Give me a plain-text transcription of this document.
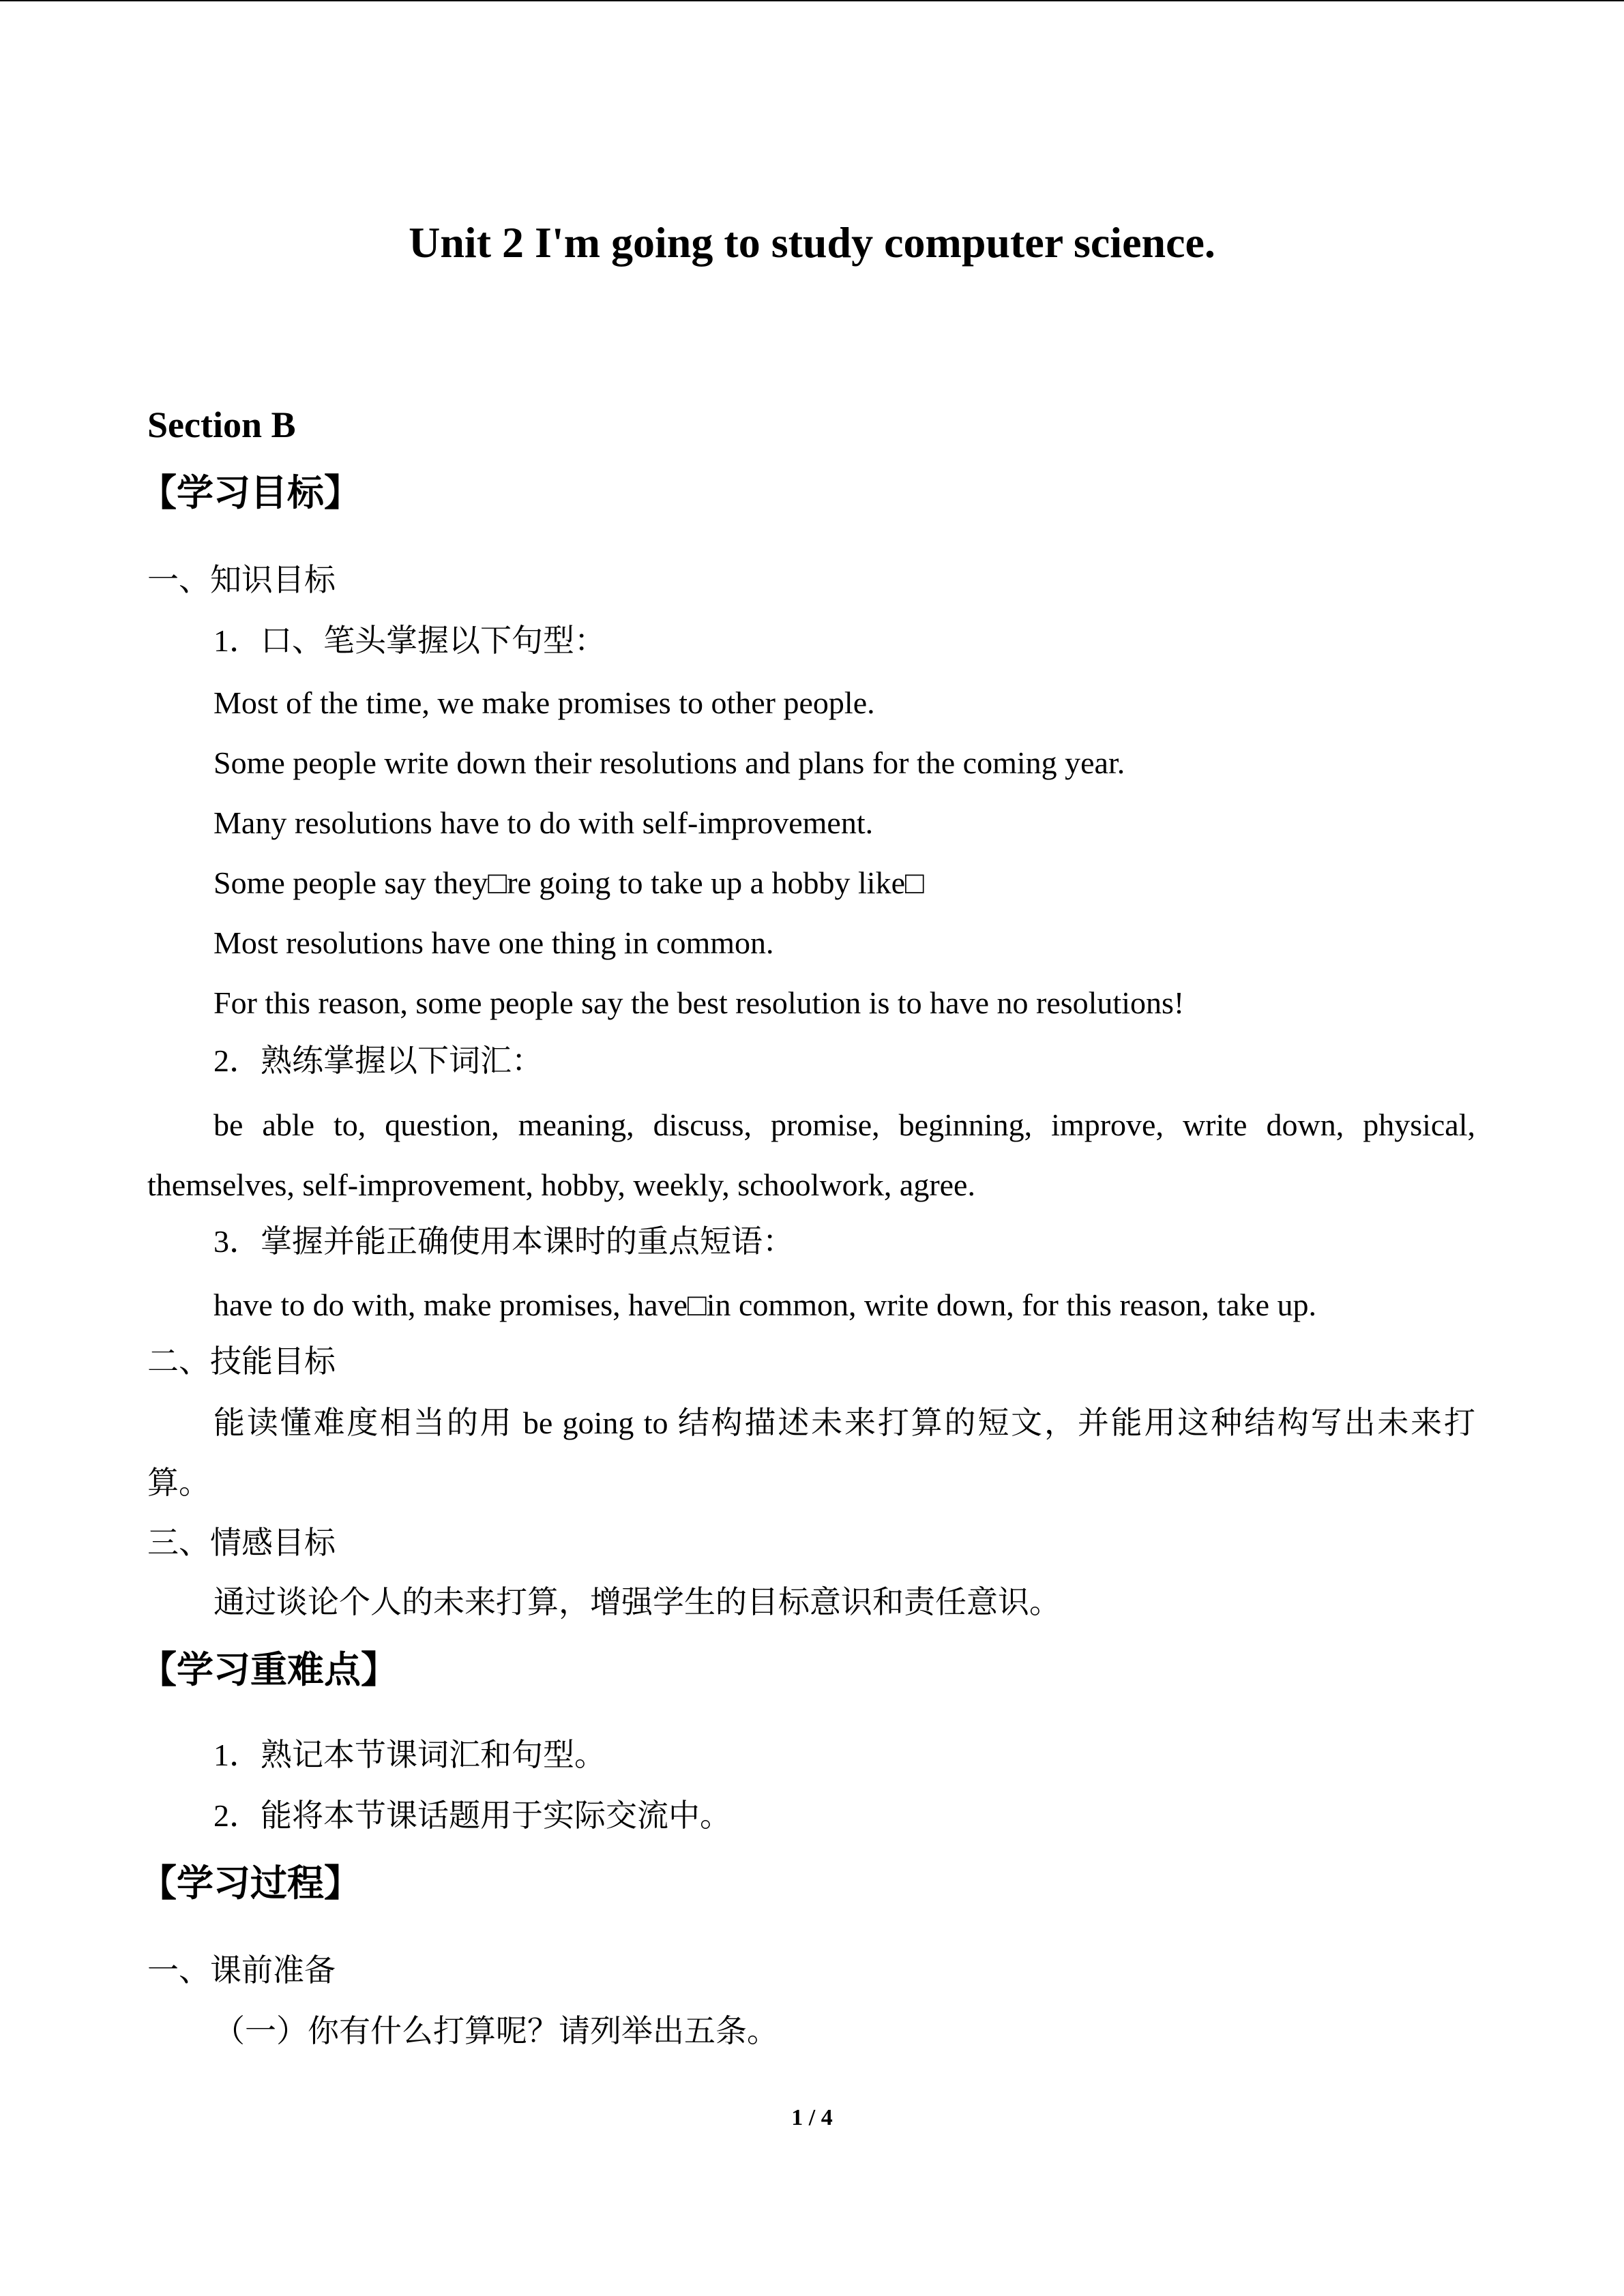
Unit 2 I'm going to study computer science.
Section B
【学习目标】
一、知识目标
1．口、笔头掌握以下句型：
Most of the time, we make promises to other people.
Some people write down their resolutions and plans for the coming year.
Many resolutions have to do with self-improvement.
Some people say they□re going to take up a hobby like□
Most resolutions have one thing in common.
For this reason, some people say the best resolution is to have no resolutions!
2．熟练掌握以下词汇：
be able to, question, meaning, discuss, promise, beginning, improve, write down, physical,
themselves, self-improvement, hobby, weekly, schoolwork, agree.
3．掌握并能正确使用本课时的重点短语：
have to do with, make promises, have□in common, write down, for this reason, take up.
二、技能目标
能读懂难度相当的用 be going to 结构描述未来打算的短文，并能用这种结构写出未来打
算。
三、情感目标
通过谈论个人的未来打算，增强学生的目标意识和责任意识。
【学习重难点】
1．熟记本节课词汇和句型。
2．能将本节课话题用于实际交流中。
【学习过程】
一、课前准备
（一）你有什么打算呢？请列举出五条。
1 / 4
